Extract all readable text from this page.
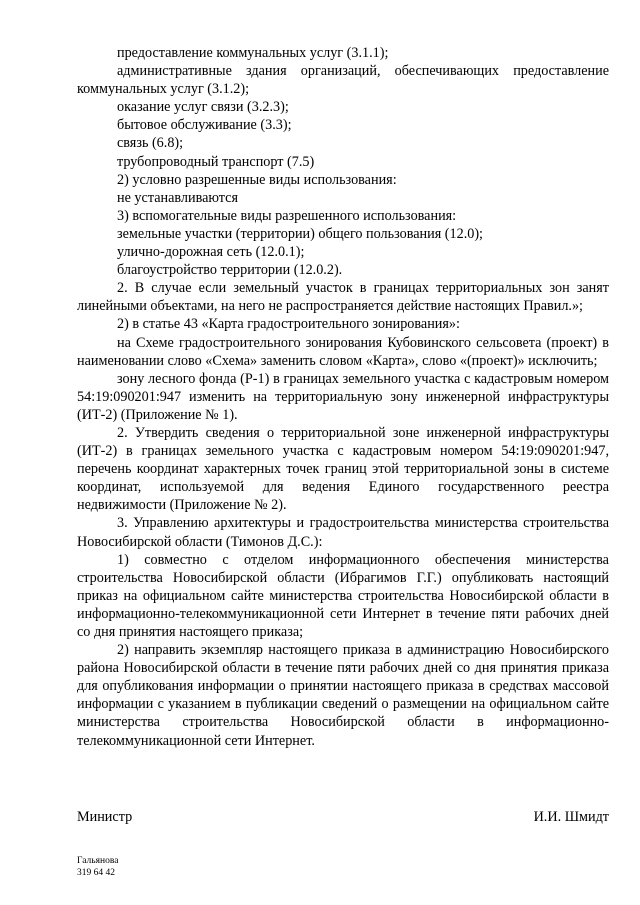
предоставление коммунальных услуг (3.1.1);

административные здания организаций, обеспечивающих предоставление коммунальных услуг (3.1.2);

оказание услуг связи (3.2.3);

бытовое обслуживание (3.3);

связь (6.8);

трубопроводный транспорт (7.5)

2) условно разрешенные виды использования:

не устанавливаются

3) вспомогательные виды разрешенного использования:

земельные участки (территории) общего пользования (12.0);

улично-дорожная сеть (12.0.1);

благоустройство территории (12.0.2).

2. В случае если земельный участок в границах территориальных зон занят линейными объектами, на него не распространяется действие настоящих Правил.»;

2) в статье 43 «Карта градостроительного зонирования»:

на Схеме градостроительного зонирования Кубовинского сельсовета (проект) в наименовании слово «Схема» заменить словом «Карта», слово «(проект)» исключить;

зону лесного фонда (Р-1) в границах земельного участка с кадастровым номером 54:19:090201:947 изменить на территориальную зону инженерной инфраструктуры (ИТ-2) (Приложение № 1).

2. Утвердить сведения о территориальной зоне инженерной инфраструктуры (ИТ-2) в границах земельного участка с кадастровым номером 54:19:090201:947, перечень координат характерных точек границ этой территориальной зоны в системе координат, используемой для ведения Единого государственного реестра недвижимости (Приложение № 2).

3. Управлению архитектуры и градостроительства министерства строительства Новосибирской области (Тимонов Д.С.):

1) совместно с отделом информационного обеспечения министерства строительства Новосибирской области (Ибрагимов Г.Г.) опубликовать настоящий приказ на официальном сайте министерства строительства Новосибирской области в информационно-телекоммуникационной сети Интернет в течение пяти рабочих дней со дня принятия настоящего приказа;

2) направить экземпляр настоящего приказа в администрацию Новосибирского района Новосибирской области в течение пяти рабочих дней со дня принятия приказа для опубликования информации о принятии настоящего приказа в средствах массовой информации с указанием в публикации сведений о размещении на официальном сайте министерства строительства Новосибирской области в информационно-телекоммуникационной сети Интернет.

Министр	И.И. Шмидт
Гальянова
319 64 42
